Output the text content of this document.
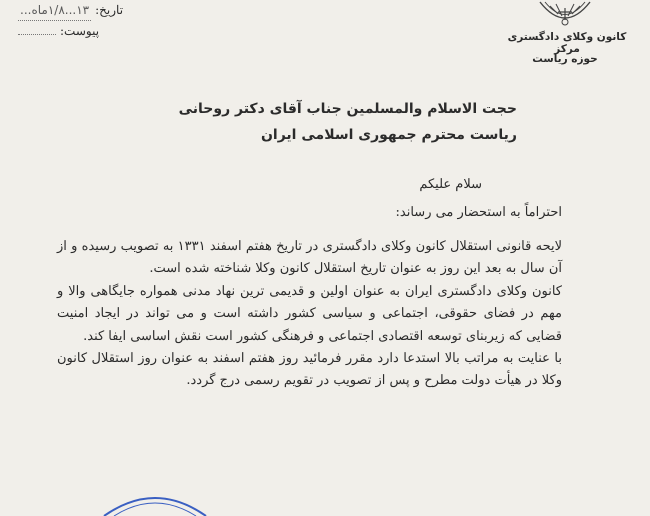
کانون وکلای دادگستری مرکز
حوزه ریاست
تاریخ:
۱۳...۱/۸ماه...
پیوست:
حجت الاسلام والمسلمین جناب آقای دکتر روحانی
ریاست محترم جمهوری اسلامی ایران
سلام علیکم
احتراماً به استحضار می رساند:

لایحه قانونی استقلال کانون وکلای دادگستری در تاریخ هفتم اسفند ۱۳۳۱ به تصویب رسیده و از آن سال به بعد این روز به عنوان تاریخ استقلال کانون وکلا شناخته شده است.

کانون وکلای دادگستری ایران به عنوان اولین و قدیمی ترین نهاد مدنی همواره جایگاهی والا و مهم در فضای حقوقی، اجتماعی و سیاسی کشور داشته است و می تواند در ایجاد امنیت قضایی که زیربنای توسعه اقتصادی اجتماعی و فرهنگی کشور است نقش اساسی ایفا کند.

با عنایت به مراتب بالا استدعا دارد مقرر فرمائید روز هفتم اسفند به عنوان روز استقلال کانون وکلا در هیأت دولت مطرح و پس از تصویب در تقویم رسمی درج گردد.
